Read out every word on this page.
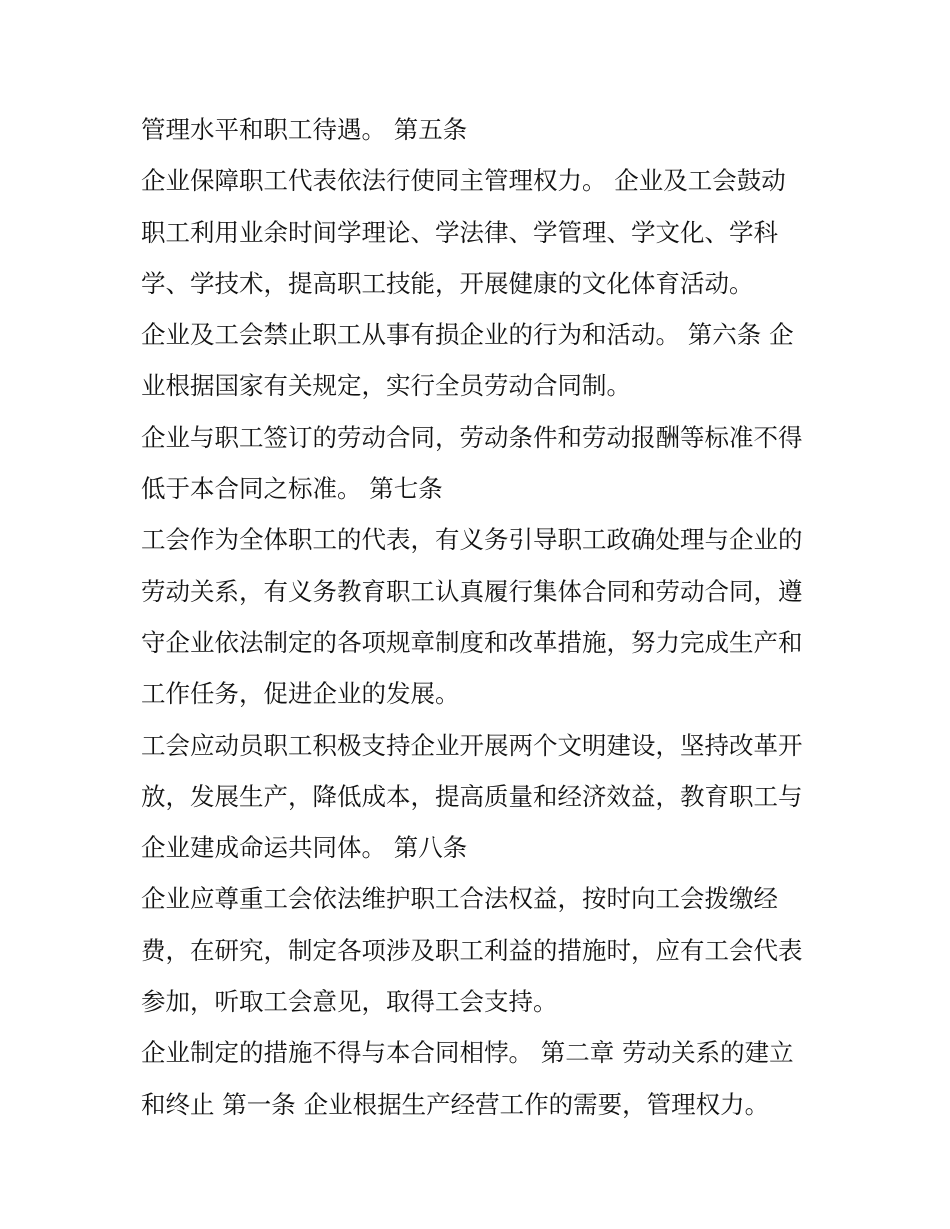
管理水平和职工待遇。 第五条
企业保障职工代表依法行使同主管理权力。 企业及工会鼓动
职工利用业余时间学理论、学法律、学管理、学文化、学科
学、学技术，提高职工技能，开展健康的文化体育活动。
企业及工会禁止职工从事有损企业的行为和活动。 第六条 企
业根据国家有关规定，实行全员劳动合同制。
企业与职工签订的劳动合同，劳动条件和劳动报酬等标准不得
低于本合同之标准。 第七条
工会作为全体职工的代表，有义务引导职工政确处理与企业的
劳动关系，有义务教育职工认真履行集体合同和劳动合同，遵
守企业依法制定的各项规章制度和改革措施，努力完成生产和
工作任务，促进企业的发展。
工会应动员职工积极支持企业开展两个文明建设，坚持改革开
放，发展生产，降低成本，提高质量和经济效益，教育职工与
企业建成命运共同体。 第八条
企业应尊重工会依法维护职工合法权益，按时向工会拨缴经
费，在研究，制定各项涉及职工利益的措施时，应有工会代表
参加，听取工会意见，取得工会支持。
企业制定的措施不得与本合同相悖。 第二章 劳动关系的建立
和终止 第一条 企业根据生产经营工作的需要，管理权力。
